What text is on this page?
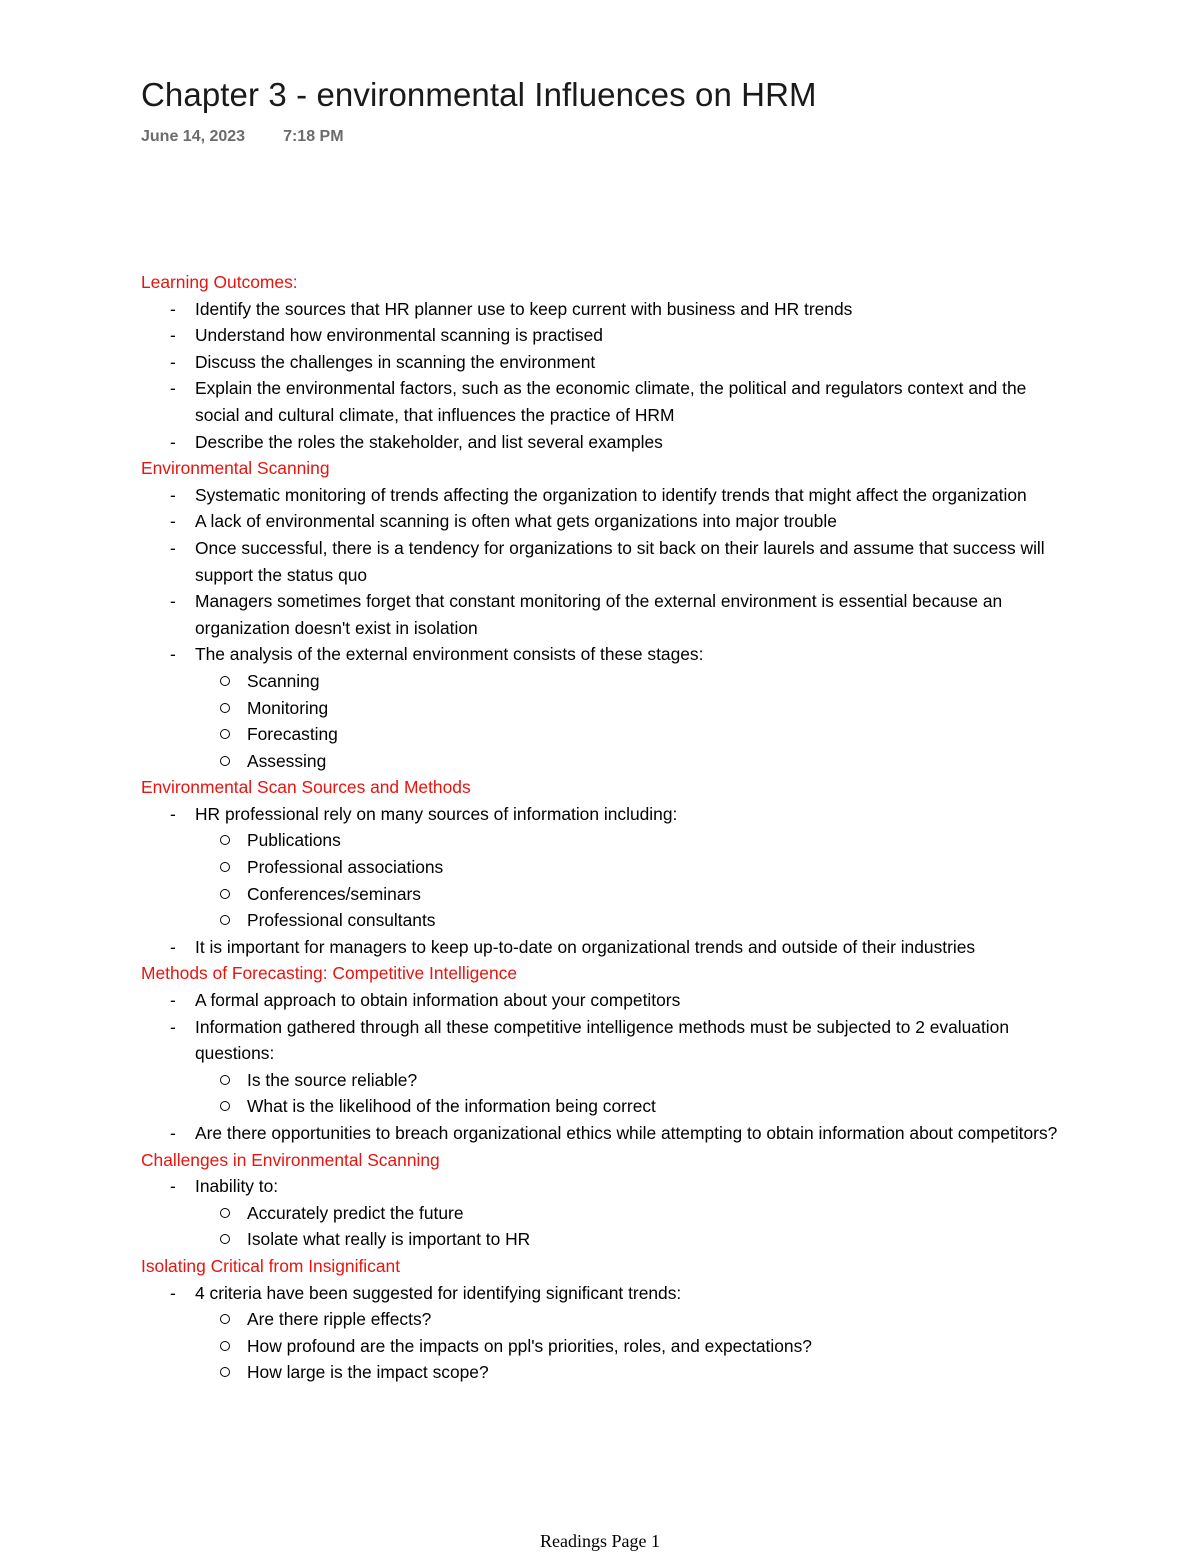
Chapter 3 - environmental Influences on HRM
June 14, 2023 7:18 PM
Learning Outcomes:
- Identify the sources that HR planner use to keep current with business and HR trends
- Understand how environmental scanning is practised
- Discuss the challenges in scanning the environment
- Explain the environmental factors, such as the economic climate, the political and regulators context and the social and cultural climate, that influences the practice of HRM
- Describe the roles the stakeholder, and list several examples
Environmental Scanning
- Systematic monitoring of trends affecting the organization to identify trends that might affect the organization
- A lack of environmental scanning is often what gets organizations into major trouble
- Once successful, there is a tendency for organizations to sit back on their laurels and assume that success will support the status quo
- Managers sometimes forget that constant monitoring of the external environment is essential because an organization doesn't exist in isolation
- The analysis of the external environment consists of these stages:
Scanning
Monitoring
Forecasting
Assessing
Environmental Scan Sources and Methods
- HR professional rely on many sources of information including:
Publications
Professional associations
Conferences/seminars
Professional consultants
- It is important for managers to keep up-to-date on organizational trends and outside of their industries
Methods of Forecasting: Competitive Intelligence
- A formal approach to obtain information about your competitors
- Information gathered through all these competitive intelligence methods must be subjected to 2 evaluation questions:
Is the source reliable?
What is the likelihood of the information being correct
- Are there opportunities to breach organizational ethics while attempting to obtain information about competitors?
Challenges in Environmental Scanning
- Inability to:
Accurately predict the future
Isolate what really is important to HR
Isolating Critical from Insignificant
- 4 criteria have been suggested for identifying significant trends:
Are there ripple effects?
How profound are the impacts on ppl's priorities, roles, and expectations?
How large is the impact scope?
Readings Page 1
